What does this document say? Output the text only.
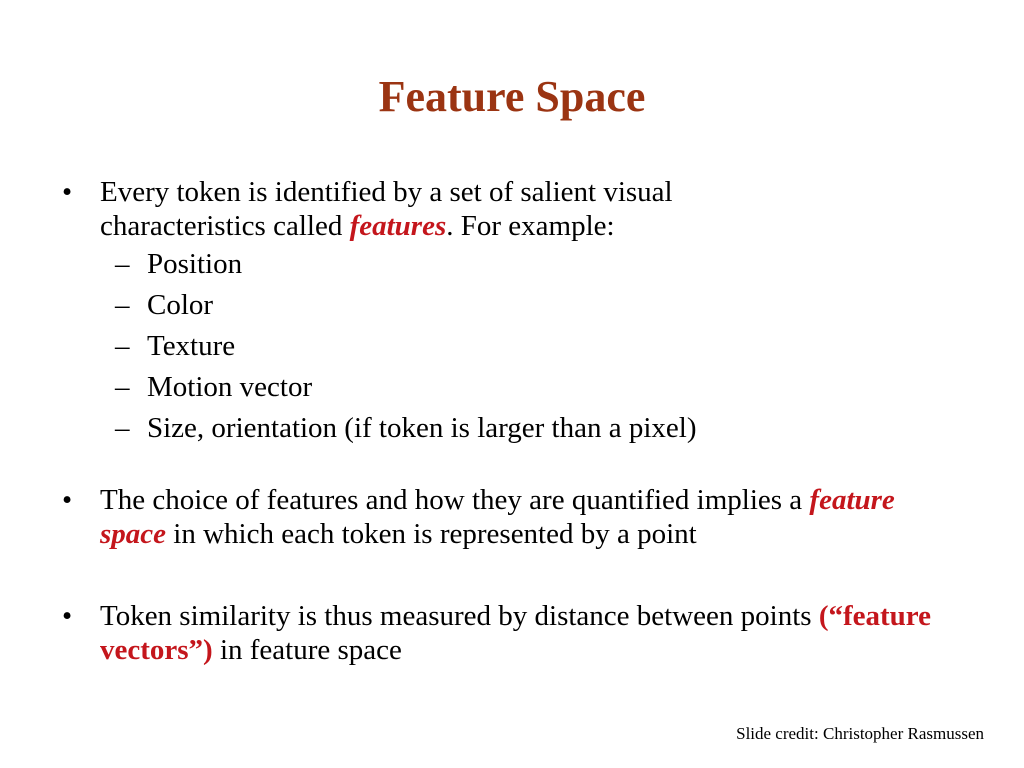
Feature Space
• Every token is identified by a set of salient visual
characteristics called features. For example:
– Position
– Color
– Texture
– Motion vector
– Size, orientation (if token is larger than a pixel)
• The choice of features and how they are quantified implies a feature space in which each token is represented by a point
• Token similarity is thus measured by distance between points (“feature vectors”) in feature space
Slide credit: Christopher Rasmussen
